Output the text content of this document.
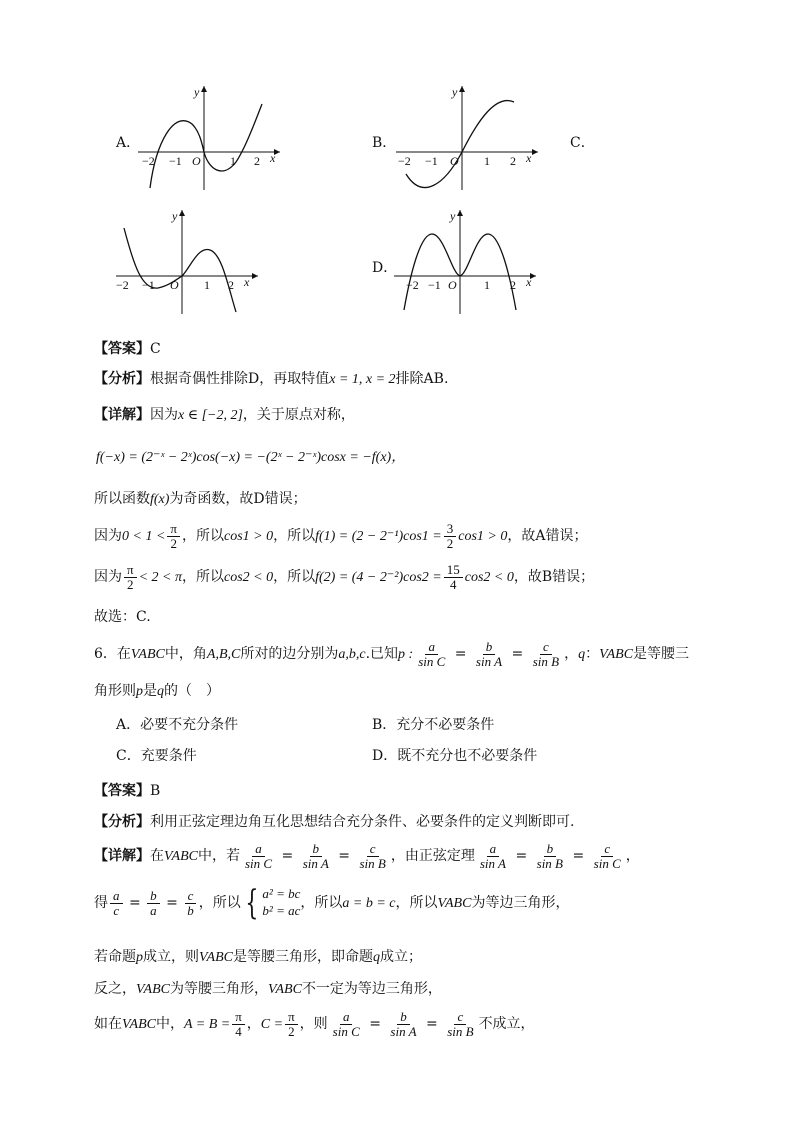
A．
−2 −1 O 1 2 x
y
B．
−2 −1 O 1 2 x
y
C．
−2 −1 O 1 2 x
y
D．
−2 −1 O 1 2 x
y
【答案】C
【分析】根据奇偶性排除D，再取特值x = 1, x = 2排除AB.
【详解】因为x ∈ [−2, 2]，关于原点对称，
f(−x) = (2⁻ˣ − 2ˣ)cos(−x) = −(2ˣ − 2⁻ˣ)cosx = −f(x)，
所以函数f(x)为奇函数，故D错误；
因为$0 < 1 < \frac{\pi}{2}$ ，所以cos1 > 0，所以$f(1) = (2 - 2^{-1})\cos 1 = \frac{3}{2} \cos 1 > 0$，故A错误；
因为 $\frac{\pi}{2} < 2 < \pi$，所以cos2 < 0，所以$f(2) = (4 - 2^{-2})\cos 2 = \frac{15}{4} \cos 2 < 0$，故B错误；
故选：C.
6．在VABC中，角A,B,C所对的边分别为a,b,c.已知p : $\frac{a}{\text{sin C}} = \frac{b}{\text{sin A}} = \frac{c}{\text{sin B}}$ ，q：VABC是等腰三
角形则p是q的（　）
A．必要不充分条件	B．充分不必要条件
C．充要条件	D．既不充分也不必要条件
【答案】B
【分析】利用正弦定理边角互化思想结合充分条件、必要条件的定义判断即可.
【详解】在VABC中，若 $\frac{a}{\text{sin C}} = \frac{b}{\text{sin A}} = \frac{c}{\text{sin B}}$ ，由正弦定理 $\frac{a}{\text{sin A}} = \frac{b}{\text{sin B}} = \frac{c}{\text{sin C}}$ ，
得 $\frac{a}{c} = \frac{b}{a} = \frac{c}{b}$ ，所以 { a² = bc
b² = ac ，所以a = b = c，所以VABC为等边三角形，
若命题p成立，则VABC是等腰三角形，即命题q成立；
反之，VABC为等腰三角形，VABC不一定为等边三角形，
如在VABC中，$A = B = \frac{\pi}{4}$ ，$C = \frac{\pi}{2}$ ，则 $\frac{a}{\text{sin C}} = \frac{b}{\text{sin A}} = \frac{c}{\text{sin B}}$ 不成立，
